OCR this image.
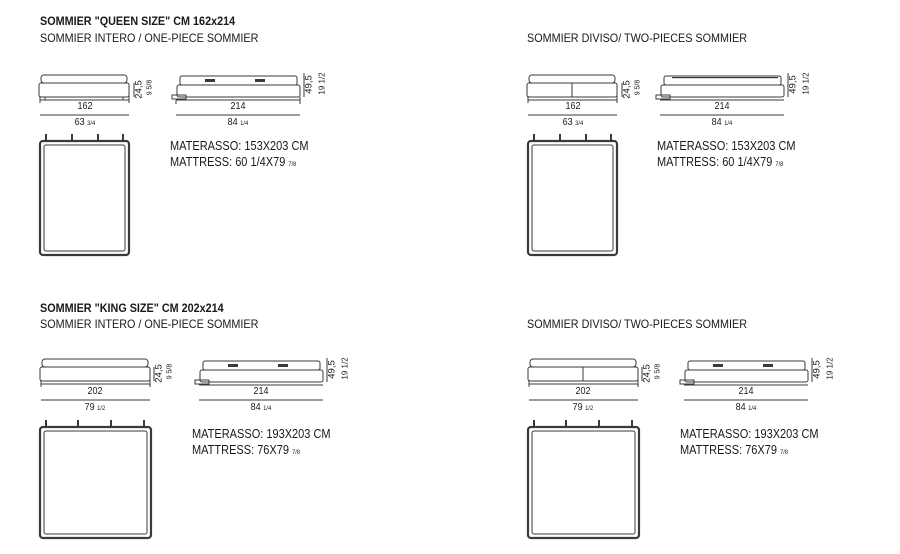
SOMMIER "QUEEN SIZE" CM 162x214
SOMMIER INTERO / ONE-PIECE SOMMIER
162
63 3/4
214
84 1/4
24,5 9 5/8	49,5 19 1/2
MATERASSO: 153X203 CM
MATTRESS: 60 1/4X79 7/8
SOMMIER DIVISO/ TWO-PIECES SOMMIER
162
63 3/4
214
84 1/4
24,5 9 5/8	49,5 19 1/2
MATERASSO: 153X203 CM
MATTRESS: 60 1/4X79 7/8
SOMMIER "KING SIZE" CM 202x214
SOMMIER INTERO / ONE-PIECE SOMMIER
202
79 1/2
214
84 1/4
24,5 9 5/8	49,5 19 1/2
MATERASSO: 193X203 CM
MATTRESS: 76X79 7/8
SOMMIER DIVISO/ TWO-PIECES SOMMIER
202
79 1/2
214
84 1/4
24,5 9 5/8	49,5 19 1/2
MATERASSO: 193X203 CM
MATTRESS: 76X79 7/8
